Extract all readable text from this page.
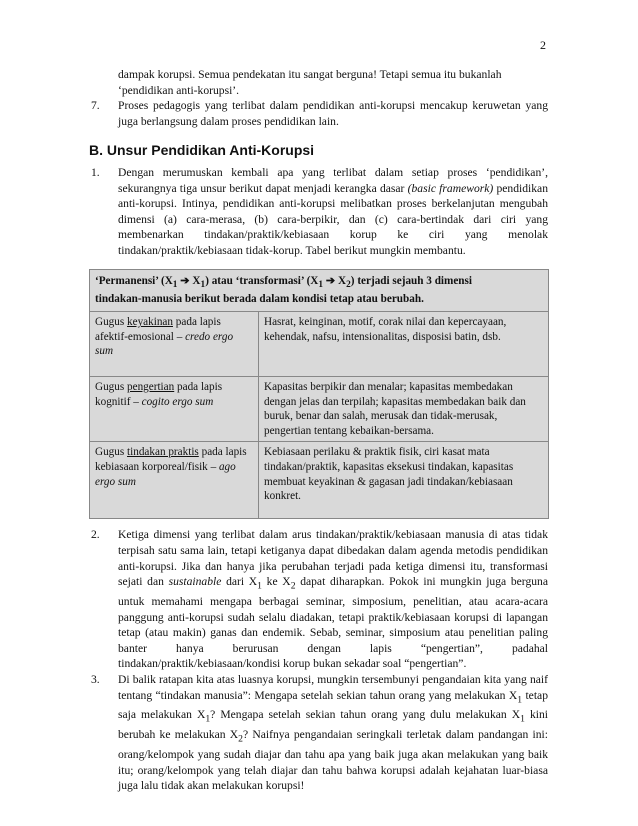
2
dampak korupsi. Semua pendekatan itu sangat berguna! Tetapi semua itu bukanlah
‘pendidikan anti-korupsi’.
7.	Proses pedagogis yang terlibat dalam pendidikan anti-korupsi mencakup keruwetan yang juga berlangsung dalam proses pendidikan lain.
B. Unsur Pendidikan Anti-Korupsi
1.	Dengan merumuskan kembali apa yang terlibat dalam setiap proses ‘pendidikan’, sekurangnya tiga unsur berikut dapat menjadi kerangka dasar (basic framework) pendidikan anti-korupsi. Intinya, pendidikan anti-korupsi melibatkan proses berkelanjutan mengubah dimensi (a) cara-merasa, (b) cara-berpikir, dan (c) cara-bertindak dari ciri yang membenarkan tindakan/praktik/kebiasaan korup ke ciri yang menolak tindakan/praktik/kebiasaan tidak-korup. Tabel berikut mungkin membantu.
‘Permanensi’ ($X_1$ ➔ $X_1$) atau ‘transformasi’ ($X_1$ ➔ $X_2$) terjadi sejauh 3 dimensi
tindakan-manusia berikut berada dalam kondisi tetap atau berubah.	
Gugus keyakinan pada lapis afektif-emosional – credo ergo sum	Hasrat, keinginan, motif, corak nilai dan kepercayaan, kehendak, nafsu, intensionalitas, disposisi batin, dsb.
Gugus pengertian pada lapis kognitif – cogito ergo sum	Kapasitas berpikir dan menalar; kapasitas membedakan dengan jelas dan terpilah; kapasitas membedakan baik dan buruk, benar dan salah, merusak dan tidak-merusak, pengertian tentang kebaikan-bersama.
Gugus tindakan praktis pada lapis kebiasaan korporeal/fisik – ago ergo sum	Kebiasaan perilaku & praktik fisik, ciri kasat mata tindakan/praktik, kapasitas eksekusi tindakan, kapasitas membuat keyakinan & gagasan jadi tindakan/kebiasaan konkret.
2.	Ketiga dimensi yang terlibat dalam arus tindakan/praktik/kebiasaan manusia di atas tidak terpisah satu sama lain, tetapi ketiganya dapat dibedakan dalam agenda metodis pendidikan anti-korupsi. Jika dan hanya jika perubahan terjadi pada ketiga dimensi itu, transformasi sejati dan sustainable dari $X_1$ ke $X_2$ dapat diharapkan. Pokok ini mungkin juga berguna untuk memahami mengapa berbagai seminar, simposium, penelitian, atau acara-acara panggung anti-korupsi sudah selalu diadakan, tetapi praktik/kebiasaan korupsi di lapangan tetap (atau makin) ganas dan endemik. Sebab, seminar, simposium atau penelitian paling banter hanya berurusan dengan lapis “pengertian”, padahal tindakan/praktik/kebiasaan/kondisi korup bukan sekadar soal “pengertian”.
3.	Di balik ratapan kita atas luasnya korupsi, mungkin tersembunyi pengandaian kita yang naif tentang “tindakan manusia”: Mengapa setelah sekian tahun orang yang melakukan $X_1$ tetap saja melakukan $X_1$? Mengapa setelah sekian tahun orang yang dulu melakukan $X_1$ kini berubah ke melakukan $X_2$? Naifnya pengandaian seringkali terletak dalam pandangan ini: orang/kelompok yang sudah diajar dan tahu apa yang baik juga akan melakukan yang baik itu; orang/kelompok yang telah diajar dan tahu bahwa korupsi adalah kejahatan luar-biasa juga lalu tidak akan melakukan korupsi!
